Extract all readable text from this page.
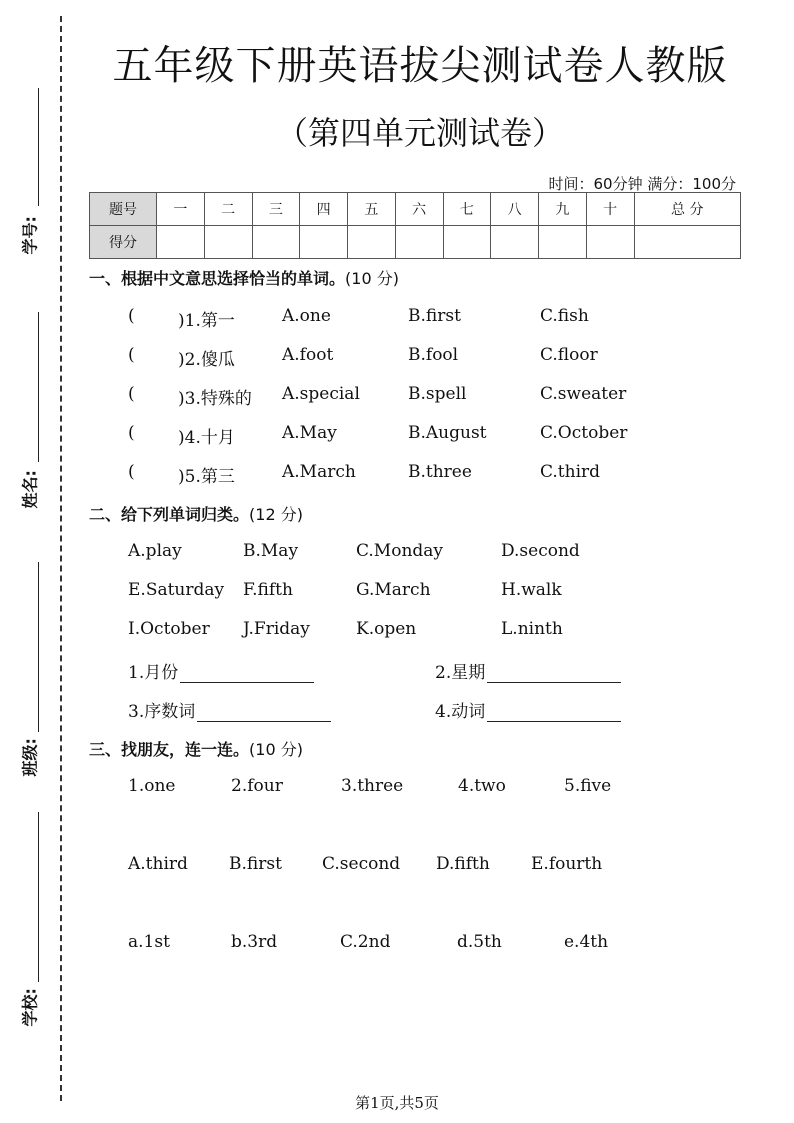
学号:
姓名:
班级:
学校:
五年级下册英语拔尖测试卷人教版
（第四单元测试卷）
时间：60分钟 满分：100分
题号	一	二	三	四	五	六	七	八	九	十	总 分
得分											
一、根据中文意思选择恰当的单词。(10 分)
(	)1.第一	A.one	B.first	C.fish
(	)2.傻瓜	A.foot	B.fool	C.floor
(	)3.特殊的 A.special	B.spell	C.sweater
(	)4.十月	A.May	B.August	C.October
(	)5.第三	A.March	B.three	C.third
二、给下列单词归类。(12 分)
A.play	B.May	C.Monday	D.second
E.Saturday F.fifth	G.March	H.walk
I.October J.Friday	K.open	L.ninth
1.月份	2.星期
3.序数词	4.动词
三、找朋友，连一连。(10 分)
1.one	2.four	3.three	4.two	5.five
A.third B.first C.second D.fifth E.fourth
a.1st	b.3rd	C.2nd	d.5th	e.4th
第1页,共5页
